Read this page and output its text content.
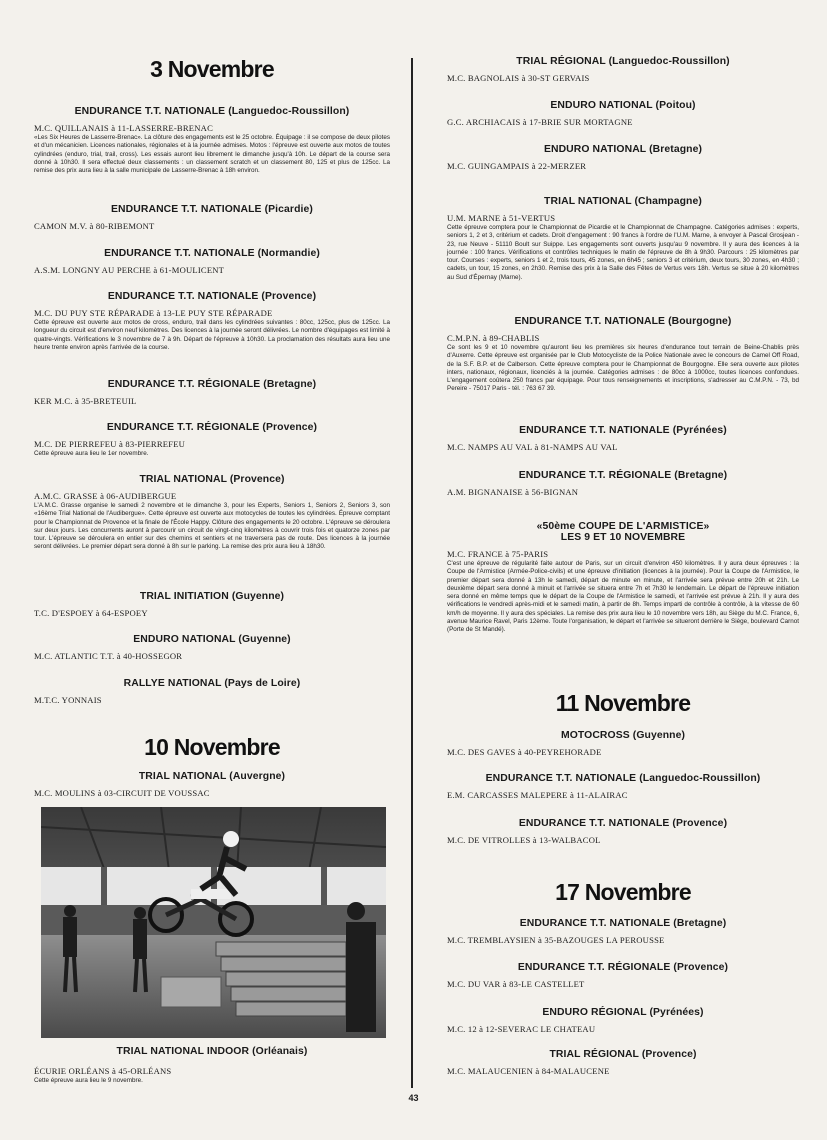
3 Novembre
ENDURANCE T.T. NATIONALE (Languedoc-Roussillon)
M.C. QUILLANAIS à 11-LASSERRE-BRENAC
«Les Six Heures de Lasserre-Brenac». La clôture des engagements est le 25 octobre. Équipage : il se compose de deux pilotes et d'un mécanicien. Licences nationales, régionales et à la journée admises. Motos : l'épreuve est ouverte aux motos de toutes cylindrées (enduro, trial, trail, cross). Les essais auront lieu librement le dimanche jusqu'à 10h. Le départ de la course sera donné à 10h30. Il sera effectué deux classements : un classement scratch et un classement 80, 125 et plus de 125cc. La remise des prix aura lieu à la salle municipale de Lasserre-Brenac à 18h environ.
ENDURANCE T.T. NATIONALE (Picardie)
CAMON M.V. à 80-RIBEMONT
ENDURANCE T.T. NATIONALE (Normandie)
A.S.M. LONGNY AU PERCHE à 61-MOULICENT
ENDURANCE T.T. NATIONALE (Provence)
M.C. DU PUY STE RÉPARADE à 13-LE PUY STE RÉPARADE
Cette épreuve est ouverte aux motos de cross, enduro, trail dans les cylindrées suivantes : 80cc, 125cc, plus de 125cc. La longueur du circuit est d'environ neuf kilomètres. Des licences à la journée seront délivrées. Le nombre d'équipages est limité à quatre-vingts. Vérifications le 3 novembre de 7 à 9h. Départ de l'épreuve à 10h30. La proclamation des résultats aura lieu une heure trente environ après l'arrivée de la course.
ENDURANCE T.T. RÉGIONALE (Bretagne)
KER M.C. à 35-BRETEUIL
ENDURANCE T.T. RÉGIONALE (Provence)
M.C. DE PIERREFEU à 83-PIERREFEU
Cette épreuve aura lieu le 1er novembre.
TRIAL NATIONAL (Provence)
A.M.C. GRASSE à 06-AUDIBERGUE
L'A.M.C. Grasse organise le samedi 2 novembre et le dimanche 3, pour les Experts, Seniors 1, Seniors 2, Seniors 3, son «16ème Trial National de l'Audibergue». Cette épreuve est ouverte aux motocycles de toutes les cylindrées. Épreuve comptant pour le Championnat de Provence et la finale de l'École Happy. Clôture des engagements le 20 octobre. L'épreuve se déroulera sur deux jours. Les concurrents auront à parcourir un circuit de vingt-cinq kilomètres à couvrir trois fois et quatorze zones par tour. L'épreuve se déroulera en entier sur des chemins et sentiers et ne traversera pas de route. Des licences à la journée seront délivrées. Le premier départ sera donné à 8h sur le parking. La remise des prix aura lieu à 18h30.
TRIAL INITIATION (Guyenne)
T.C. D'ESPOEY à 64-ESPOEY
ENDURO NATIONAL (Guyenne)
M.C. ATLANTIC T.T. à 40-HOSSEGOR
RALLYE NATIONAL (Pays de Loire)
M.T.C. YONNAIS
10 Novembre
TRIAL NATIONAL (Auvergne)
M.C. MOULINS à 03-CIRCUIT DE VOUSSAC
TRIAL NATIONAL INDOOR (Orléanais)
ÉCURIE ORLÉANS à 45-ORLÉANS
Cette épreuve aura lieu le 9 novembre.
TRIAL RÉGIONAL (Languedoc-Roussillon)
M.C. BAGNOLAIS à 30-ST GERVAIS
ENDURO NATIONAL (Poitou)
G.C. ARCHIACAIS à 17-BRIE SUR MORTAGNE
ENDURO NATIONAL (Bretagne)
M.C. GUINGAMPAIS à 22-MERZER
TRIAL NATIONAL (Champagne)
U.M. MARNE à 51-VERTUS
Cette épreuve comptera pour le Championnat de Picardie et le Championnat de Champagne. Catégories admises : experts, seniors 1, 2 et 3, critérium et cadets. Droit d'engagement : 90 francs à l'ordre de l'U.M. Marne, à envoyer à Pascal Grosjean - 23, rue Neuve - 51110 Boult sur Suippe. Les engagements sont ouverts jusqu'au 9 novembre. Il y aura des licences à la journée : 100 francs. Vérifications et contrôles techniques le matin de l'épreuve de 8h à 9h30. Parcours : 25 kilomètres par tour. Courses : experts, seniors 1 et 2, trois tours, 45 zones, en 6h45 ; seniors 3 et critérium, deux tours, 30 zones, en 4h30 ; cadets, un tour, 15 zones, en 2h30. Remise des prix à la Salle des Fêtes de Vertus vers 18h. Vertus se situe à 20 kilomètres au Sud d'Épernay (Marne).
ENDURANCE T.T. NATIONALE (Bourgogne)
C.M.P.N. à 89-CHABLIS
Ce sont les 9 et 10 novembre qu'auront lieu les premières six heures d'endurance tout terrain de Beine-Chablis près d'Auxerre. Cette épreuve est organisée par le Club Motocycliste de la Police Nationale avec le concours de Camel Off Road, de la S.F. B.P. et de Calberson. Cette épreuve comptera pour le Championnat de Bourgogne. Elle sera ouverte aux pilotes inters, nationaux, régionaux, licenciés à la journée. Catégories admises : de 80cc à 1000cc, toutes licences confondues. L'engagement coûtera 250 francs par équipage. Pour tous renseignements et inscriptions, s'adresser au C.M.P.N. - 73, bd Pereire - 75017 Paris - tél. : 763 67 39.
ENDURANCE T.T. NATIONALE (Pyrénées)
M.C. NAMPS AU VAL à 81-NAMPS AU VAL
ENDURANCE T.T. RÉGIONALE (Bretagne)
A.M. BIGNANAISE à 56-BIGNAN
«50ème COUPE DE L'ARMISTICE»
LES 9 ET 10 NOVEMBRE
M.C. FRANCE à 75-PARIS
C'est une épreuve de régularité faite autour de Paris, sur un circuit d'environ 450 kilomètres. Il y aura deux épreuves : la Coupe de l'Armistice (Armée-Police-civils) et une épreuve d'initiation (licences à la journée). Pour la Coupe de l'Armistice, le premier départ sera donné à 13h le samedi, départ de minute en minute, et l'arrivée sera prévue entre 20h et 21h. Le deuxième départ sera donné à minuit et l'arrivée se situera entre 7h et 7h30 le lendemain. Le départ de l'épreuve initiation sera donné en même temps que le départ de la Coupe de l'Armistice le samedi, et l'arrivée est prévue à 21h. Il y aura des vérifications le vendredi après-midi et le samedi matin, à partir de 8h. Temps imparti de contrôle à contrôle, à la vitesse de 60 km/h de moyenne. Il y aura des spéciales. La remise des prix aura lieu le 10 novembre vers 18h, au Siège du M.C. France, 6, avenue Maurice Ravel, Paris 12ème. Toute l'organisation, le départ et l'arrivée se situeront derrière le Siège, boulevard Carnot (Porte de St Mandé).
11 Novembre
MOTOCROSS (Guyenne)
M.C. DES GAVES à 40-PEYREHORADE
ENDURANCE T.T. NATIONALE (Languedoc-Roussillon)
E.M. CARCASSES MALEPERE à 11-ALAIRAC
ENDURANCE T.T. NATIONALE (Provence)
M.C. DE VITROLLES à 13-WALBACOL
17 Novembre
ENDURANCE T.T. NATIONALE (Bretagne)
M.C. TREMBLAYSIEN à 35-BAZOUGES LA PEROUSSE
ENDURANCE T.T. RÉGIONALE (Provence)
M.C. DU VAR à 83-LE CASTELLET
ENDURO RÉGIONAL (Pyrénées)
M.C. 12 à 12-SEVERAC LE CHATEAU
TRIAL RÉGIONAL (Provence)
M.C. MALAUCENIEN à 84-MALAUCENE
43
